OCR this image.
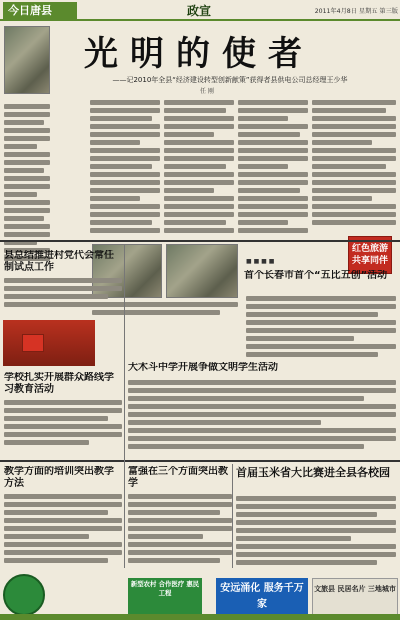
今日唐县	政宣	2011年4月8日 星期五 第三版
光明的使者
——记2010年全县“经济建设转型创新献策”获得者县供电公司总经理王少华
任 刚
红色旅游 共享同伴
■ ■ ■ ■
首个长春市首个“五比五创”活动
大木斗中学开展争做文明学生活动
县总结推进村党代会常任制试点工作
学校扎实开展群众路线学习教育活动
教学方面的培训突出教学方法
富强在三个方面突出教学
首届玉米省大比赛进全县各校园
新型农村 合作医疗 惠民工程	安远涌化 服务千万家
文旅县 民居名片 三地城市
